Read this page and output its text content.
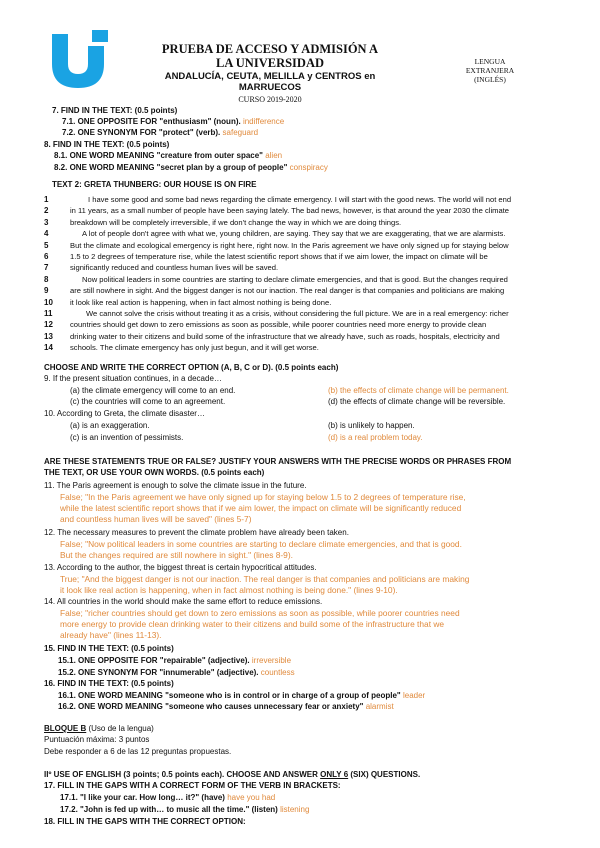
PRUEBA DE ACCESO Y ADMISIÓN A
LA UNIVERSIDAD
ANDALUCÍA, CEUTA, MELILLA y CENTROS en
MARRUECOS
CURSO 2019-2020
LENGUA
EXTRANJERA
(INGLÉS)
7. FIND IN THE TEXT: (0.5 points)
7.1. ONE OPPOSITE FOR "enthusiasm" (noun). indifference
7.2. ONE SYNONYM FOR "protect" (verb). safeguard
8. FIND IN THE TEXT: (0.5 points)
8.1. ONE WORD MEANING "creature from outer space" alien
8.2. ONE WORD MEANING "secret plan by a group of people" conspiracy
TEXT 2: GRETA THUNBERG: OUR HOUSE IS ON FIRE
1	I have some good and some bad news regarding the climate emergency. I will start with the good news. The world will not end
2	in 11 years, as a small number of people have been saying lately. The bad news, however, is that around the year 2030 the climate
3	breakdown will be completely irreversible, if we don't change the way in which we are doing things.
4	A lot of people don't agree with what we, young children, are saying. They say that we are exaggerating, that we are alarmists.
5	But the climate and ecological emergency is right here, right now. In the Paris agreement we have only signed up for staying below
6	1.5 to 2 degrees of temperature rise, while the latest scientific report shows that if we aim lower, the impact on climate will be
7	significantly reduced and countless human lives will be saved.
8	Now political leaders in some countries are starting to declare climate emergencies, and that is good. But the changes required
9	are still nowhere in sight. And the biggest danger is not our inaction. The real danger is that companies and politicians are making
10	it look like real action is happening, when in fact almost nothing is being done.
11	We cannot solve the crisis without treating it as a crisis, without considering the full picture. We are in a real emergency: richer
12	countries should get down to zero emissions as soon as possible, while poorer countries need more energy to provide clean
13	drinking water to their citizens and build some of the infrastructure that we already have, such as roads, hospitals, electricity and
14	schools. The climate emergency has only just begun, and it will get worse.
CHOOSE AND WRITE THE CORRECT OPTION (A, B, C or D). (0.5 points each)
9. If the present situation continues, in a decade…
(a) the climate emergency will come to an end.	(b) the effects of climate change will be permanent.
(c) the countries will come to an agreement.	(d) the effects of climate change will be reversible.
10. According to Greta, the climate disaster…
(a) is an exaggeration.	(b) is unlikely to happen.
(c) is an invention of pessimists.	(d) is a real problem today.
ARE THESE STATEMENTS TRUE OR FALSE? JUSTIFY YOUR ANSWERS WITH THE PRECISE WORDS OR PHRASES FROM
THE TEXT, OR USE YOUR OWN WORDS. (0.5 points each)
11. The Paris agreement is enough to solve the climate issue in the future.
False; "In the Paris agreement we have only signed up for staying below 1.5 to 2 degrees of temperature rise,
while the latest scientific report shows that if we aim lower, the impact on climate will be significantly reduced
and countless human lives will be saved" (lines 5-7)
12. The necessary measures to prevent the climate problem have already been taken.
False; "Now political leaders in some countries are starting to declare climate emergencies, and that is good.
But the changes required are still nowhere in sight." (lines 8-9).
13. According to the author, the biggest threat is certain hypocritical attitudes.
True; "And the biggest danger is not our inaction. The real danger is that companies and politicians are making
it look like real action is happening, when in fact almost nothing is being done." (lines 9-10).
14. All countries in the world should make the same effort to reduce emissions.
False; "richer countries should get down to zero emissions as soon as possible, while poorer countries need
more energy to provide clean drinking water to their citizens and build some of the infrastructure that we
already have" (lines 11-13).
15. FIND IN THE TEXT: (0.5 points)
15.1. ONE OPPOSITE FOR "repairable" (adjective). irreversible
15.2. ONE SYNONYM FOR "innumerable" (adjective). countless
16. FIND IN THE TEXT: (0.5 points)
16.1. ONE WORD MEANING "someone who is in control or in charge of a group of people" leader
16.2. ONE WORD MEANING "someone who causes unnecessary fear or anxiety" alarmist
BLOQUE B (Uso de la lengua)
Puntuación máxima: 3 puntos
Debe responder a 6 de las 12 preguntas propuestas.
IIº USE OF ENGLISH (3 points; 0.5 points each). CHOOSE AND ANSWER ONLY 6 (SIX) QUESTIONS.
17. FILL IN THE GAPS WITH A CORRECT FORM OF THE VERB IN BRACKETS:
17.1. "I like your car. How long… it?" (have) have you had
17.2. "John is fed up with… to music all the time." (listen) listening
18. FILL IN THE GAPS WITH THE CORRECT OPTION:
